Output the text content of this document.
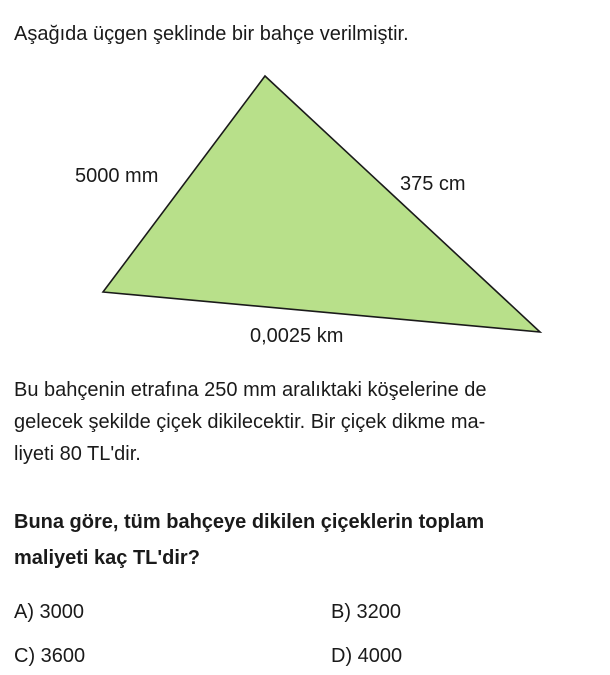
Aşağıda üçgen şeklinde bir bahçe verilmiştir.
5000 mm	375 cm
0,0025 km
Bu bahçenin etrafına 250 mm aralıktaki köşelerine de
gelecek şekilde çiçek dikilecektir. Bir çiçek dikme ma-
liyeti 80 TL'dir.
Buna göre, tüm bahçeye dikilen çiçeklerin toplam
maliyeti kaç TL'dir?
A) 3000	B) 3200
C) 3600	D) 4000
